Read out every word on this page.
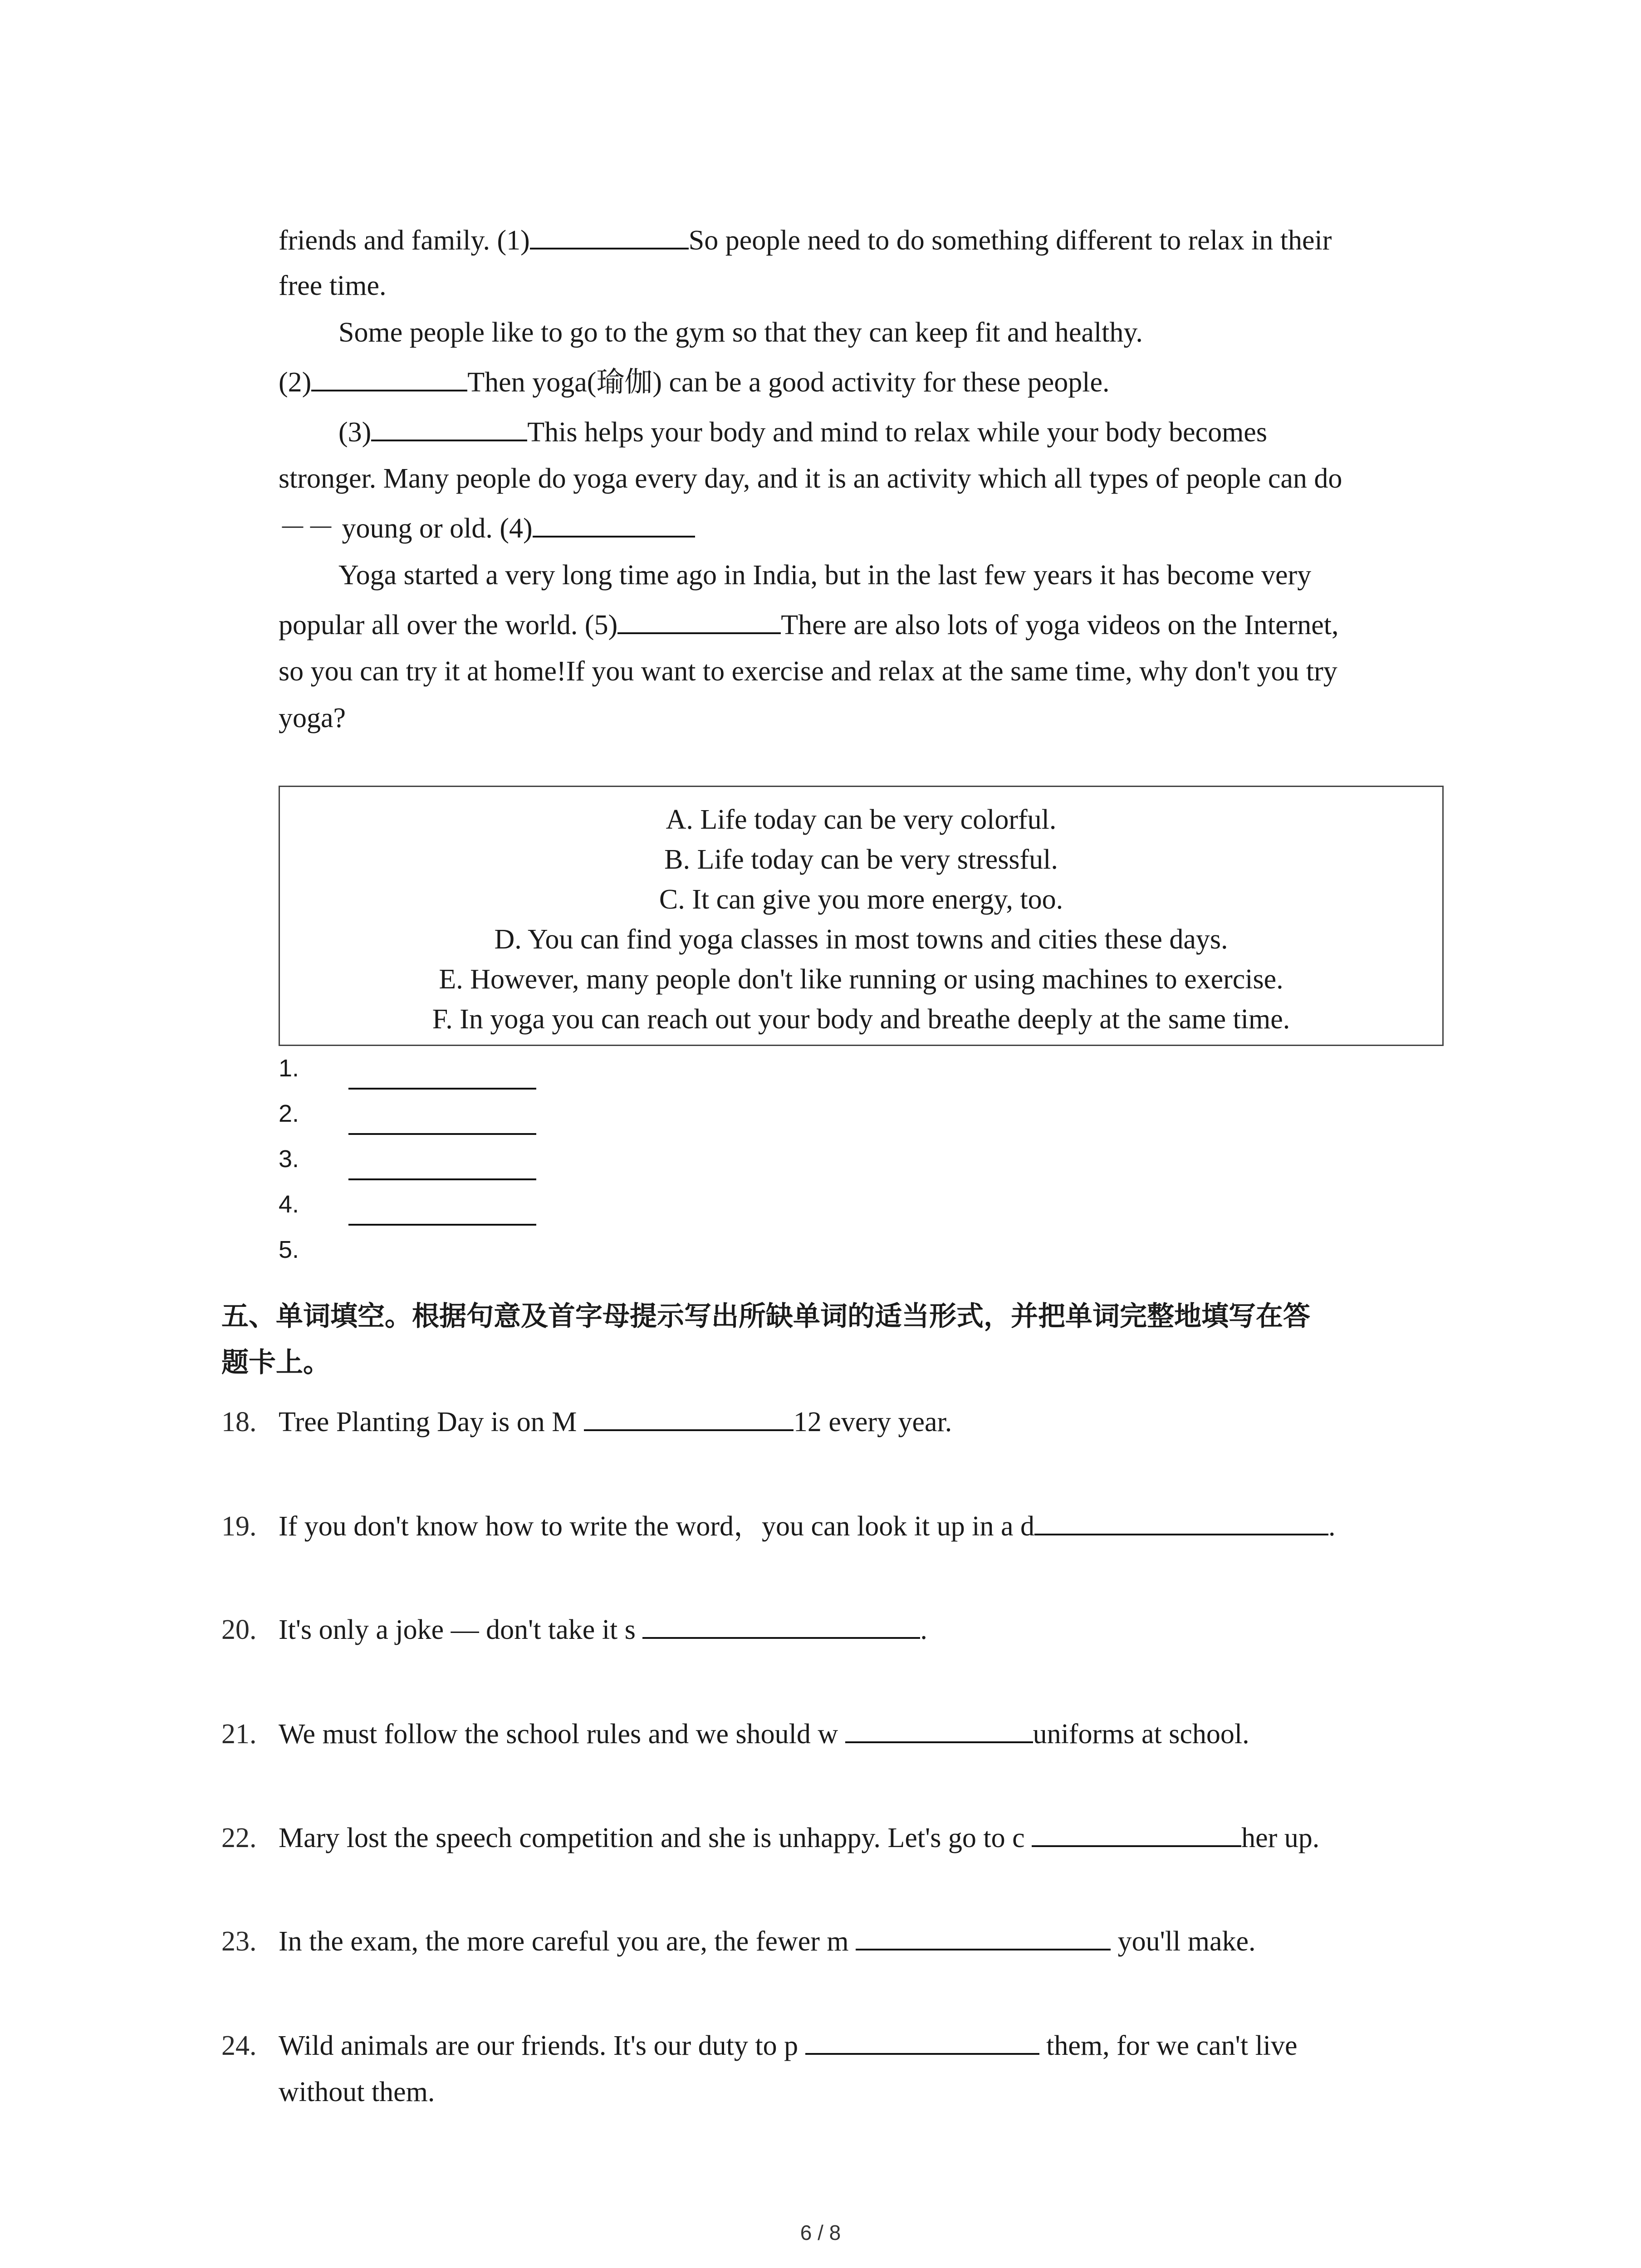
friends and family. (1)	So people need to do something different to relax in their
free time.
Some people like to go to the gym so that they can keep fit and healthy.
(2)	Then yoga(瑜伽) can be a good activity for these people.
(3)	This helps your body and mind to relax while your body becomes
stronger. Many people do yoga every day, and it is an activity which all types of people can do
－－ young or old. (4)
Yoga started a very long time ago in India, but in the last few years it has become very
popular all over the world. (5)	There are also lots of yoga videos on the Internet,
so you can try it at home!If you want to exercise and relax at the same time, why don't you try
yoga?
A. Life today can be very colorful.
B. Life today can be very stressful.
C. It can give you more energy, too.
D. You can find yoga classes in most towns and cities these days.
E. However, many people don't like running or using machines to exercise.
F. In yoga you can reach out your body and breathe deeply at the same time.
1.
2.
3.
4.
5.
五、单词填空。根据句意及首字母提示写出所缺单词的适当形式，并把单词完整地填写在答
题卡上。
18. Tree Planting Day is on M	12 every year.
19. If you don't know how to write the word，you can look it up in a d	.
20. It's only a joke — don't take it s	.
21. We must follow the school rules and we should w	uniforms at school.
22. Mary lost the speech competition and she is unhappy. Let's go to c	her up.
23. In the exam, the more careful you are, the fewer m	you'll make.
24. Wild animals are our friends. It's our duty to p	them, for we can't live
without them.
6 / 8
